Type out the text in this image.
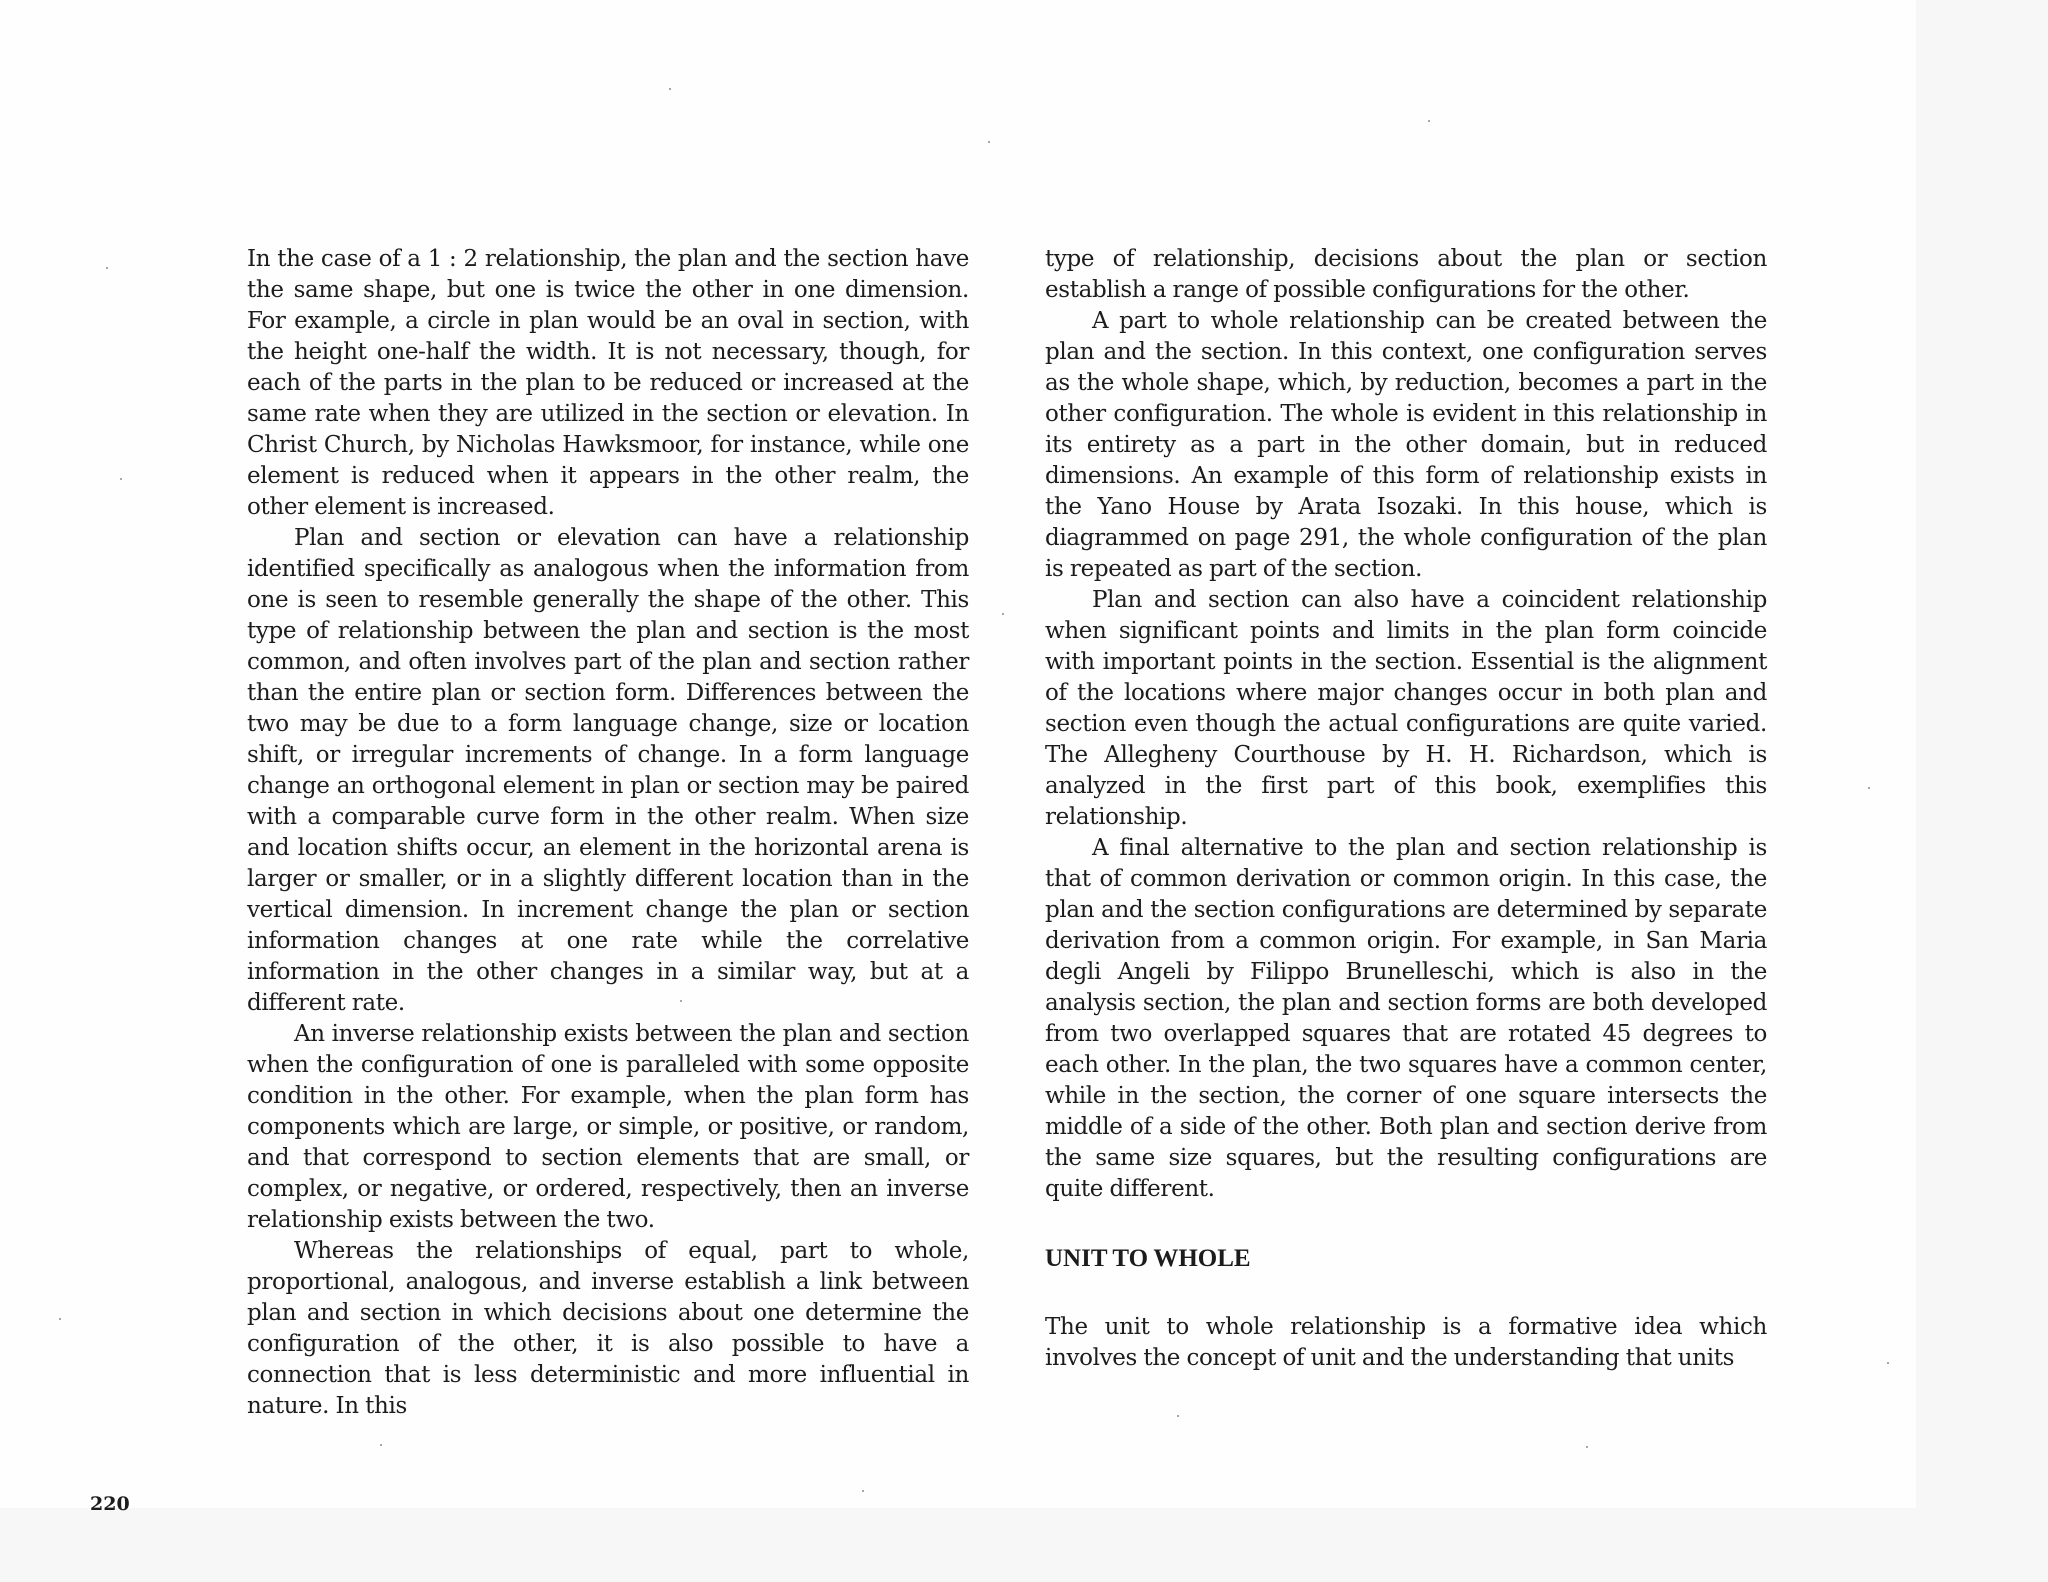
In the case of a 1 : 2 relationship, the plan and the section have the same shape, but one is twice the other in one dimension. For example, a circle in plan would be an oval in section, with the height one-half the width. It is not necessary, though, for each of the parts in the plan to be reduced or increased at the same rate when they are utilized in the section or elevation. In Christ Church, by Nicholas Hawksmoor, for instance, while one element is reduced when it appears in the other realm, the other element is increased.

Plan and section or elevation can have a relationship identified specifically as analogous when the information from one is seen to resemble generally the shape of the other. This type of relationship between the plan and section is the most common, and often involves part of the plan and section rather than the entire plan or section form. Differences between the two may be due to a form language change, size or location shift, or irregular increments of change. In a form language change an orthogonal element in plan or section may be paired with a comparable curve form in the other realm. When size and location shifts occur, an element in the horizontal arena is larger or smaller, or in a slightly different location than in the vertical dimension. In increment change the plan or section information changes at one rate while the correlative information in the other changes in a similar way, but at a different rate.

An inverse relationship exists between the plan and section when the configuration of one is paralleled with some opposite condition in the other. For example, when the plan form has components which are large, or simple, or positive, or random, and that correspond to section elements that are small, or complex, or negative, or ordered, respectively, then an inverse relationship exists between the two.

Whereas the relationships of equal, part to whole, proportional, analogous, and inverse establish a link between plan and section in which decisions about one determine the configuration of the other, it is also possible to have a connection that is less deterministic and more influential in nature. In this

type of relationship, decisions about the plan or section establish a range of possible configurations for the other.

A part to whole relationship can be created between the plan and the section. In this context, one configuration serves as the whole shape, which, by reduction, becomes a part in the other configuration. The whole is evident in this relationship in its entirety as a part in the other domain, but in reduced dimensions. An example of this form of relationship exists in the Yano House by Arata Isozaki. In this house, which is diagrammed on page 291, the whole configuration of the plan is repeated as part of the section.

Plan and section can also have a coincident relationship when significant points and limits in the plan form coincide with important points in the section. Essential is the alignment of the locations where major changes occur in both plan and section even though the actual configurations are quite varied. The Allegheny Courthouse by H. H. Richardson, which is analyzed in the first part of this book, exemplifies this relationship.

A final alternative to the plan and section relationship is that of common derivation or common origin. In this case, the plan and the section configurations are determined by separate derivation from a common origin. For example, in San Maria degli Angeli by Filippo Brunelleschi, which is also in the analysis section, the plan and section forms are both developed from two overlapped squares that are rotated 45 degrees to each other. In the plan, the two squares have a common center, while in the section, the corner of one square intersects the middle of a side of the other. Both plan and section derive from the same size squares, but the resulting configurations are quite different.

UNIT TO WHOLE

The unit to whole relationship is a formative idea which involves the concept of unit and the understanding that units

220
